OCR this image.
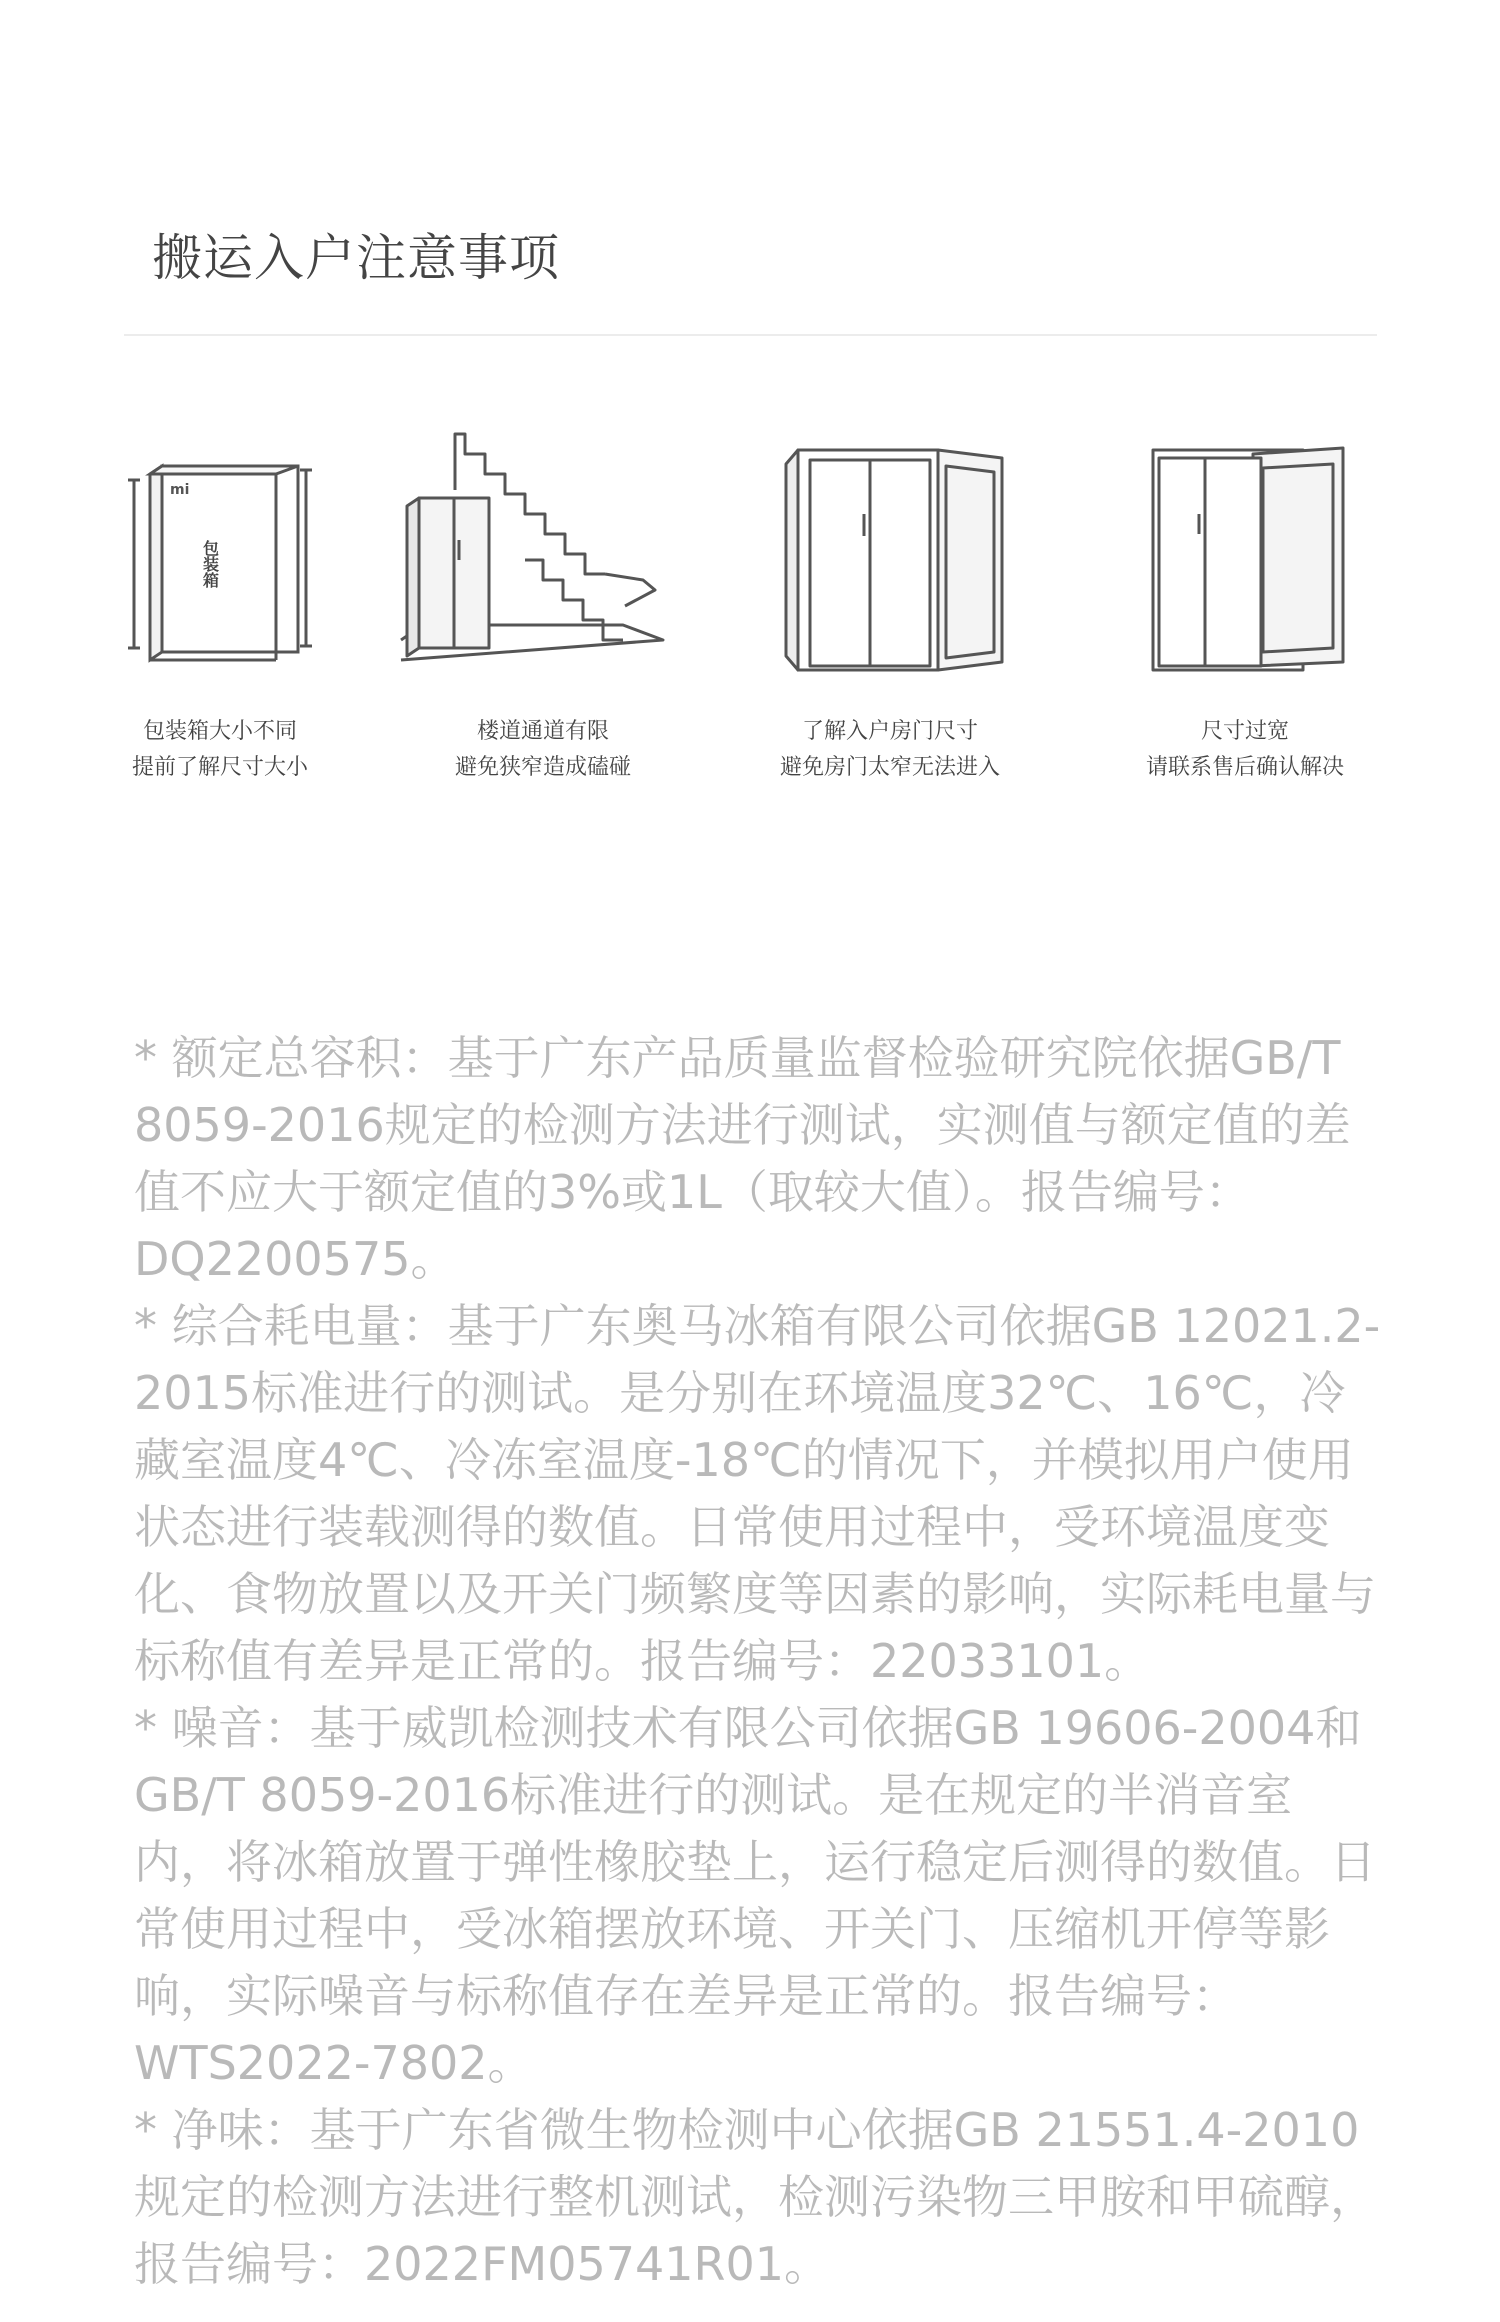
搬运入户注意事项
mi
包装箱
包装箱大小不同
提前了解尺寸大小
楼道通道有限
避免狭窄造成磕碰
了解入户房门尺寸
避免房门太窄无法进入
尺寸过宽
请联系售后确认解决

* 额定总容积：基于广东产品质量监督检验研究院依据GB/T 8059-2016规定的检测方法进行测试，实测值与额定值的差值不应大于额定值的3%或1L（取较大值）。报告编号：DQ2200575。

* 综合耗电量：基于广东奥马冰箱有限公司依据GB 12021.2-2015标准进行的测试。是分别在环境温度32℃、16℃，冷藏室温度4℃、冷冻室温度-18℃的情况下，并模拟用户使用状态进行装载测得的数值。日常使用过程中，受环境温度变化、食物放置以及开关门频繁度等因素的影响，实际耗电量与标称值有差异是正常的。报告编号：22033101。

* 噪音：基于威凯检测技术有限公司依据GB 19606-2004和GB/T 8059-2016标准进行的测试。是在规定的半消音室内，将冰箱放置于弹性橡胶垫上，运行稳定后测得的数值。日常使用过程中，受冰箱摆放环境、开关门、压缩机开停等影响，实际噪音与标称值存在差异是正常的。报告编号：WTS2022-7802。

* 净味：基于广东省微生物检测中心依据GB 21551.4-2010规定的检测方法进行整机测试，检测污染物三甲胺和甲硫醇，报告编号：2022FM05741R01。
